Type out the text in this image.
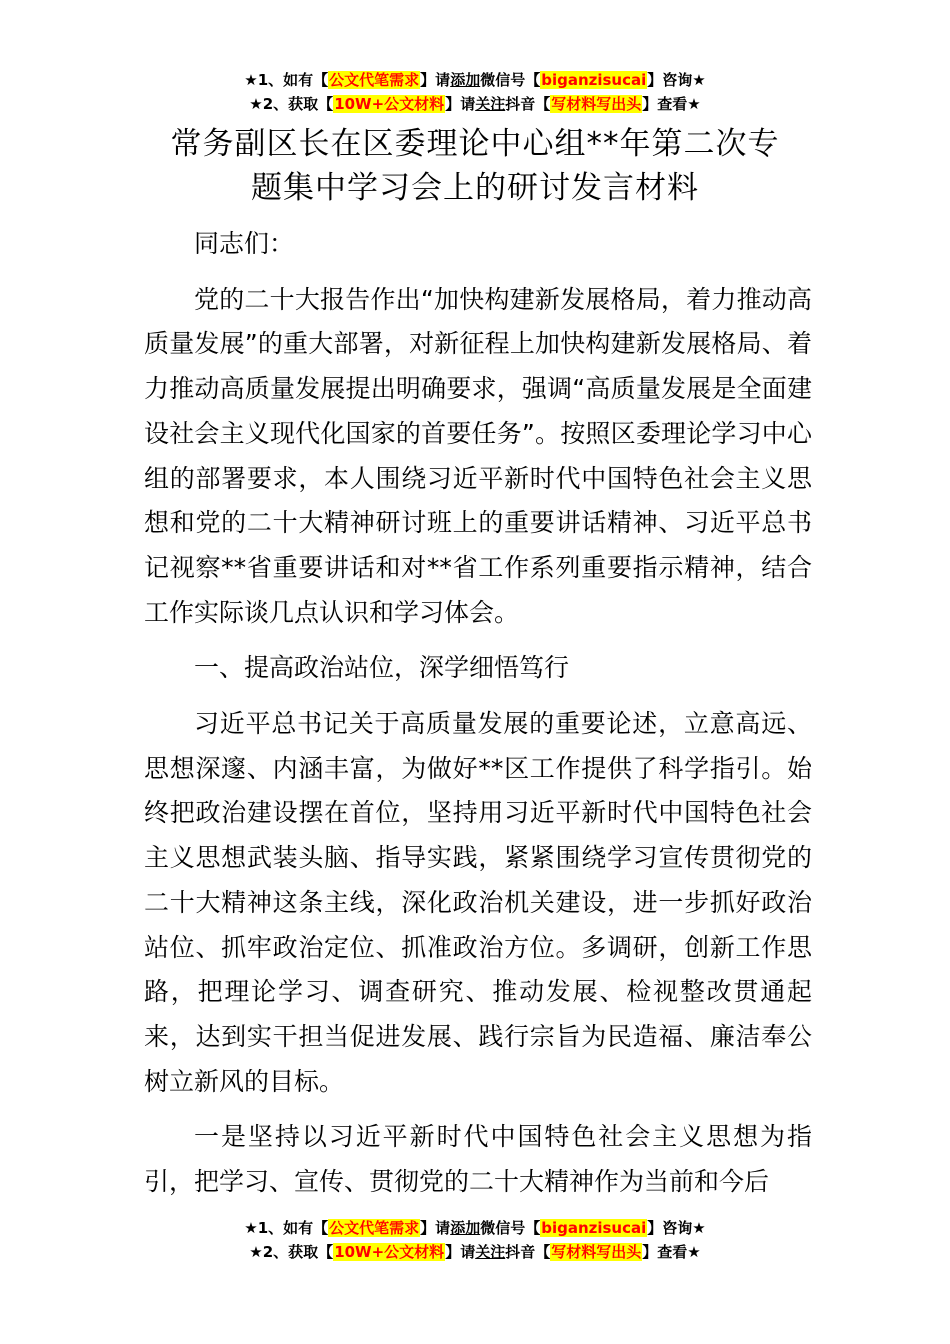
★1、如有【公文代笔需求】请添加微信号【biganzisucai】咨询★
★2、获取【10W+公文材料】请关注抖音【写材料写出头】查看★
常务副区长在区委理论中心组**年第二次专
题集中学习会上的研讨发言材料

同志们：

党的二十大报告作出“加快构建新发展格局，着力推动高质量发展”的重大部署，对新征程上加快构建新发展格局、着力推动高质量发展提出明确要求，强调“高质量发展是全面建设社会主义现代化国家的首要任务”。按照区委理论学习中心组的部署要求，本人围绕习近平新时代中国特色社会主义思想和党的二十大精神研讨班上的重要讲话精神、习近平总书记视察**省重要讲话和对**省工作系列重要指示精神，结合工作实际谈几点认识和学习体会。

一、提高政治站位，深学细悟笃行

习近平总书记关于高质量发展的重要论述，立意高远、思想深邃、内涵丰富，为做好**区工作提供了科学指引。始终把政治建设摆在首位，坚持用习近平新时代中国特色社会主义思想武装头脑、指导实践，紧紧围绕学习宣传贯彻党的二十大精神这条主线，深化政治机关建设，进一步抓好政治站位、抓牢政治定位、抓准政治方位。多调研，创新工作思路，把理论学习、调查研究、推动发展、检视整改贯通起来，达到实干担当促进发展、践行宗旨为民造福、廉洁奉公树立新风的目标。

一是坚持以习近平新时代中国特色社会主义思想为指引，把学习、宣传、贯彻党的二十大精神作为当前和今后

★1、如有【公文代笔需求】请添加微信号【biganzisucai】咨询★
★2、获取【10W+公文材料】请关注抖音【写材料写出头】查看★
